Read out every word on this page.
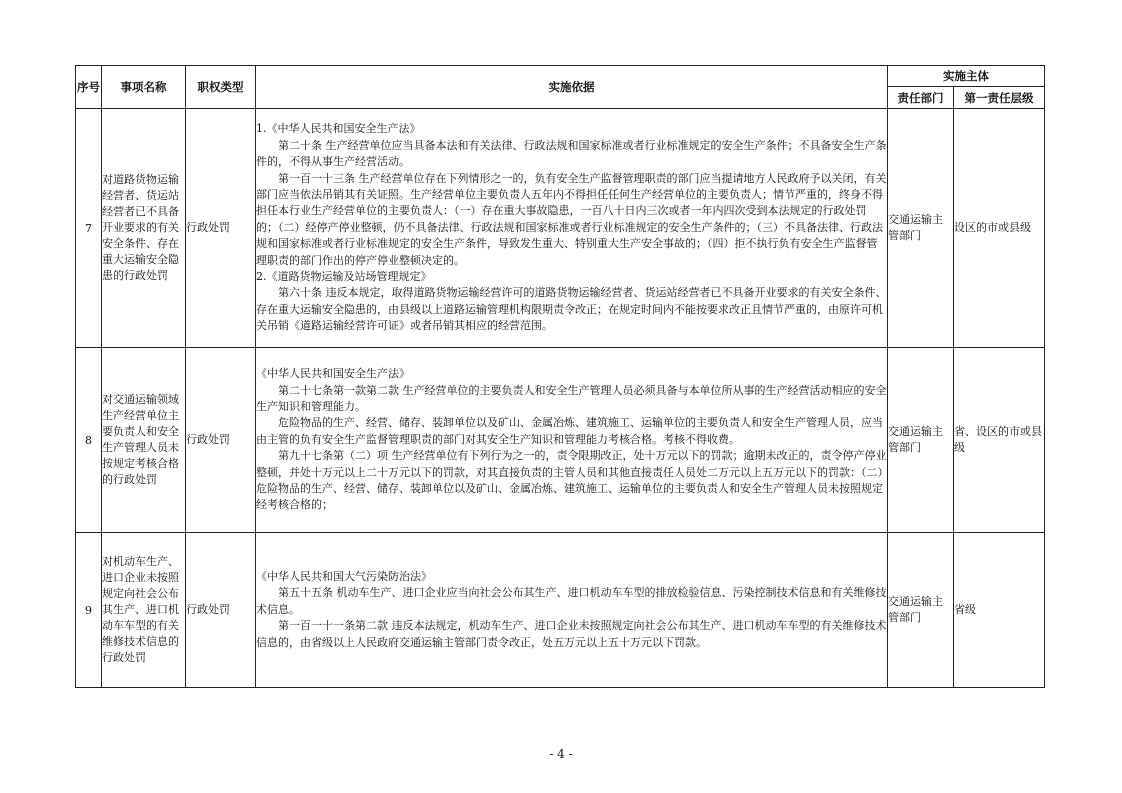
序号	事项名称	职权类型	实施依据	实施主体	
				责任部门	第一责任层级
7	对道路货物运输经营者、货运站经营者已不具备开业要求的有关安全条件、存在重大运输安全隐患的行政处罚	行政处罚	1.《中华人民共和国安全生产法》

第二十条 生产经营单位应当具备本法和有关法律、行政法规和国家标准或者行业标准规定的安全生产条件；不具备安全生产条件的，不得从事生产经营活动。

第一百一十三条 生产经营单位存在下列情形之一的，负有安全生产监督管理职责的部门应当提请地方人民政府予以关闭，有关部门应当依法吊销其有关证照。生产经营单位主要负责人五年内不得担任任何生产经营单位的主要负责人；情节严重的，终身不得担任本行业生产经营单位的主要负责人：（一）存在重大事故隐患，一百八十日内三次或者一年内四次受到本法规定的行政处罚的；（二）经停产停业整顿，仍不具备法律、行政法规和国家标准或者行业标准规定的安全生产条件的；（三）不具备法律、行政法规和国家标准或者行业标准规定的安全生产条件，导致发生重大、特别重大生产安全事故的；（四）拒不执行负有安全生产监督管理职责的部门作出的停产停业整顿决定的。

2.《道路货物运输及站场管理规定》

第六十条 违反本规定，取得道路货物运输经营许可的道路货物运输经营者、货运站经营者已不具备开业要求的有关安全条件、存在重大运输安全隐患的，由县级以上道路运输管理机构限期责令改正；在规定时间内不能按要求改正且情节严重的，由原许可机关吊销《道路运输经营许可证》或者吊销其相应的经营范围。	交通运输主管部门	设区的市或县级
8	对交通运输领域生产经营单位主要负责人和安全生产管理人员未按规定考核合格的行政处罚	行政处罚	《中华人民共和国安全生产法》

第二十七条第一款第二款 生产经营单位的主要负责人和安全生产管理人员必须具备与本单位所从事的生产经营活动相应的安全生产知识和管理能力。

危险物品的生产、经营、储存、装卸单位以及矿山、金属冶炼、建筑施工、运输单位的主要负责人和安全生产管理人员，应当由主管的负有安全生产监督管理职责的部门对其安全生产知识和管理能力考核合格。考核不得收费。

第九十七条第（二）项 生产经营单位有下列行为之一的，责令限期改正，处十万元以下的罚款；逾期未改正的，责令停产停业整顿，并处十万元以上二十万元以下的罚款，对其直接负责的主管人员和其他直接责任人员处二万元以上五万元以下的罚款：（二）危险物品的生产、经营、储存、装卸单位以及矿山、金属冶炼、建筑施工、运输单位的主要负责人和安全生产管理人员未按照规定经考核合格的；	交通运输主管部门	省、设区的市或县级
9	对机动车生产、进口企业未按照规定向社会公布其生产、进口机动车车型的有关维修技术信息的行政处罚	行政处罚	《中华人民共和国大气污染防治法》

第五十五条 机动车生产、进口企业应当向社会公布其生产、进口机动车车型的排放检验信息、污染控制技术信息和有关维修技术信息。

第一百一十一条第二款 违反本法规定，机动车生产、进口企业未按照规定向社会公布其生产、进口机动车车型的有关维修技术信息的，由省级以上人民政府交通运输主管部门责令改正，处五万元以上五十万元以下罚款。	交通运输主管部门	省级
- 4 -
